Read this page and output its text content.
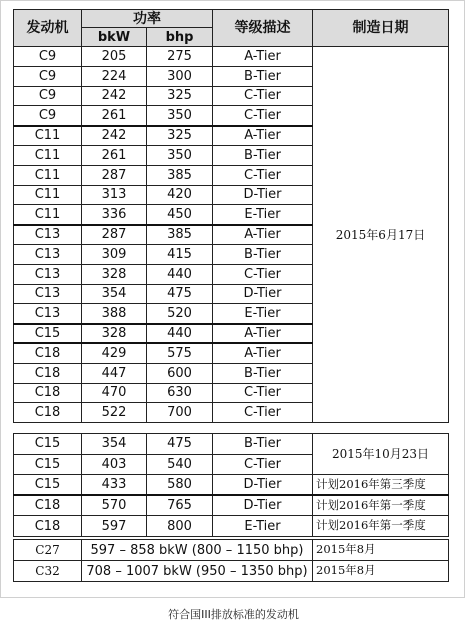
发动机	功率		等级描述	制造日期
	bkW	bhp		
C9	205	275	A-Tier	2015年6月17日
C9	224	300	B-Tier	
C9	242	325	C-Tier	
C9	261	350	C-Tier	
C11	242	325	A-Tier	
C11	261	350	B-Tier	
C11	287	385	C-Tier	
C11	313	420	D-Tier	
C11	336	450	E-Tier	
C13	287	385	A-Tier	
C13	309	415	B-Tier	
C13	328	440	C-Tier	
C13	354	475	D-Tier	
C13	388	520	E-Tier	
C15	328	440	A-Tier	
C18	429	575	A-Tier	
C18	447	600	B-Tier	
C18	470	630	C-Tier	
C18	522	700	C-Tier	
C15	354	475	B-Tier	2015年10月23日
C15	403	540	C-Tier	
C15	433	580	D-Tier	计划2016年第三季度
C18	570	765	D-Tier	计划2016年第一季度
C18	597	800	E-Tier	计划2016年第一季度
C27	597 – 858 bkW (800 – 1150 bhp)	2015年8月
C32	708 – 1007 bkW (950 – 1350 bhp)	2015年8月
符合国III排放标准的发动机
